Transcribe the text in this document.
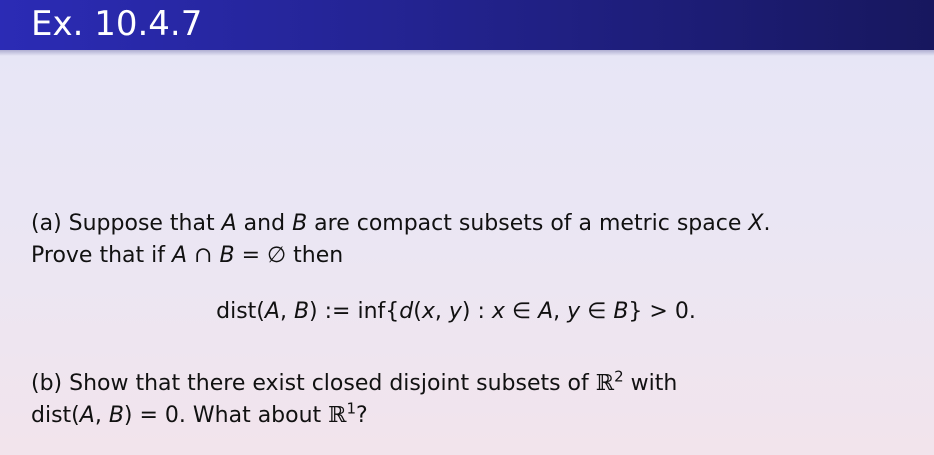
Ex. 10.4.7

(a) Suppose that A and B are compact subsets of a metric space X.
Prove that if A ∩ B = ∅ then

dist(A, B) := inf{d(x, y) : x ∈ A, y ∈ B} > 0.

(b) Show that there exist closed disjoint subsets of ℝ$^2$ with
dist(A, B) = 0. What about ℝ$^1$?
